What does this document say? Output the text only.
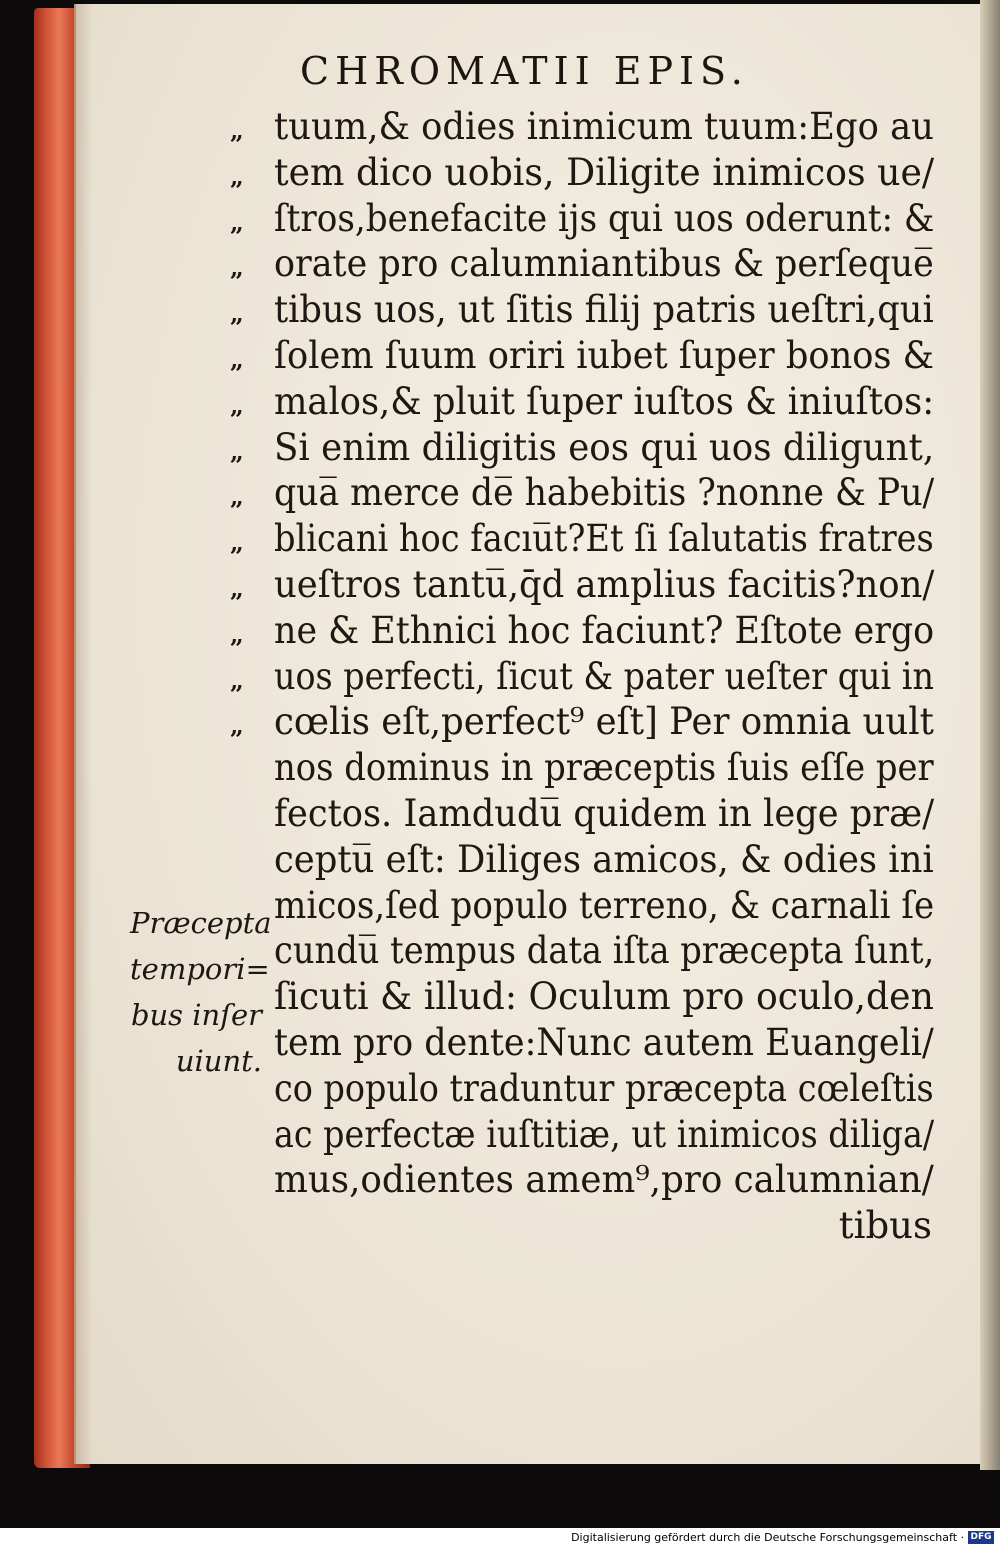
CHROMATII EPIS.
„ tuum,& odies inimicum tuum:Ego au
„ tem dico uobis, Diligite inimicos ue/
„ ſtros,benefacite ijs qui uos oderunt: &
„ orate pro calumniantibus & perſeque̅
„ tibus uos, ut ſitis filij patris ueſtri,qui
„ ſolem ſuum oriri iubet ſuper bonos &
„ malos,& pluit ſuper iuſtos & iniuſtos:
„ Si enim diligitis eos qui uos diligunt,
„ qua̅ merce de̅ habebitis ?nonne & Pu/
„ blicani hoc facıu̅t?Et ſi ſalutatis fratres
„ ueſtros tantu̅,q̄d amplius facitis?non/
„ ne & Ethnici hoc faciunt? Eſtote ergo
„ uos perfecti, ſicut & pater ueſter qui in
„ cœlis eſt,perfect⁹ eſt] Per omnia uult
nos dominus in præceptis ſuis eſſe per
fectos. Iamdudu̅ quidem in lege præ/
ceptu̅ eſt: Diliges amicos, & odies ini
micos,ſed populo terreno, & carnali ſe
cundu̅ tempus data iſta præcepta ſunt,
ſicuti & illud: Oculum pro oculo,den
tem pro dente:Nunc autem Euangeli/
co populo traduntur præcepta cœleſtis
ac perfectæ iuſtitiæ, ut inimicos diliga/
mus,odientes amem⁹,pro calumnian/
tibus
Præcepta
tempori=
bus inſer
uiunt.
Digitalisierung gefördert durch die Deutsche Forschungsgemeinschaft · DFG
